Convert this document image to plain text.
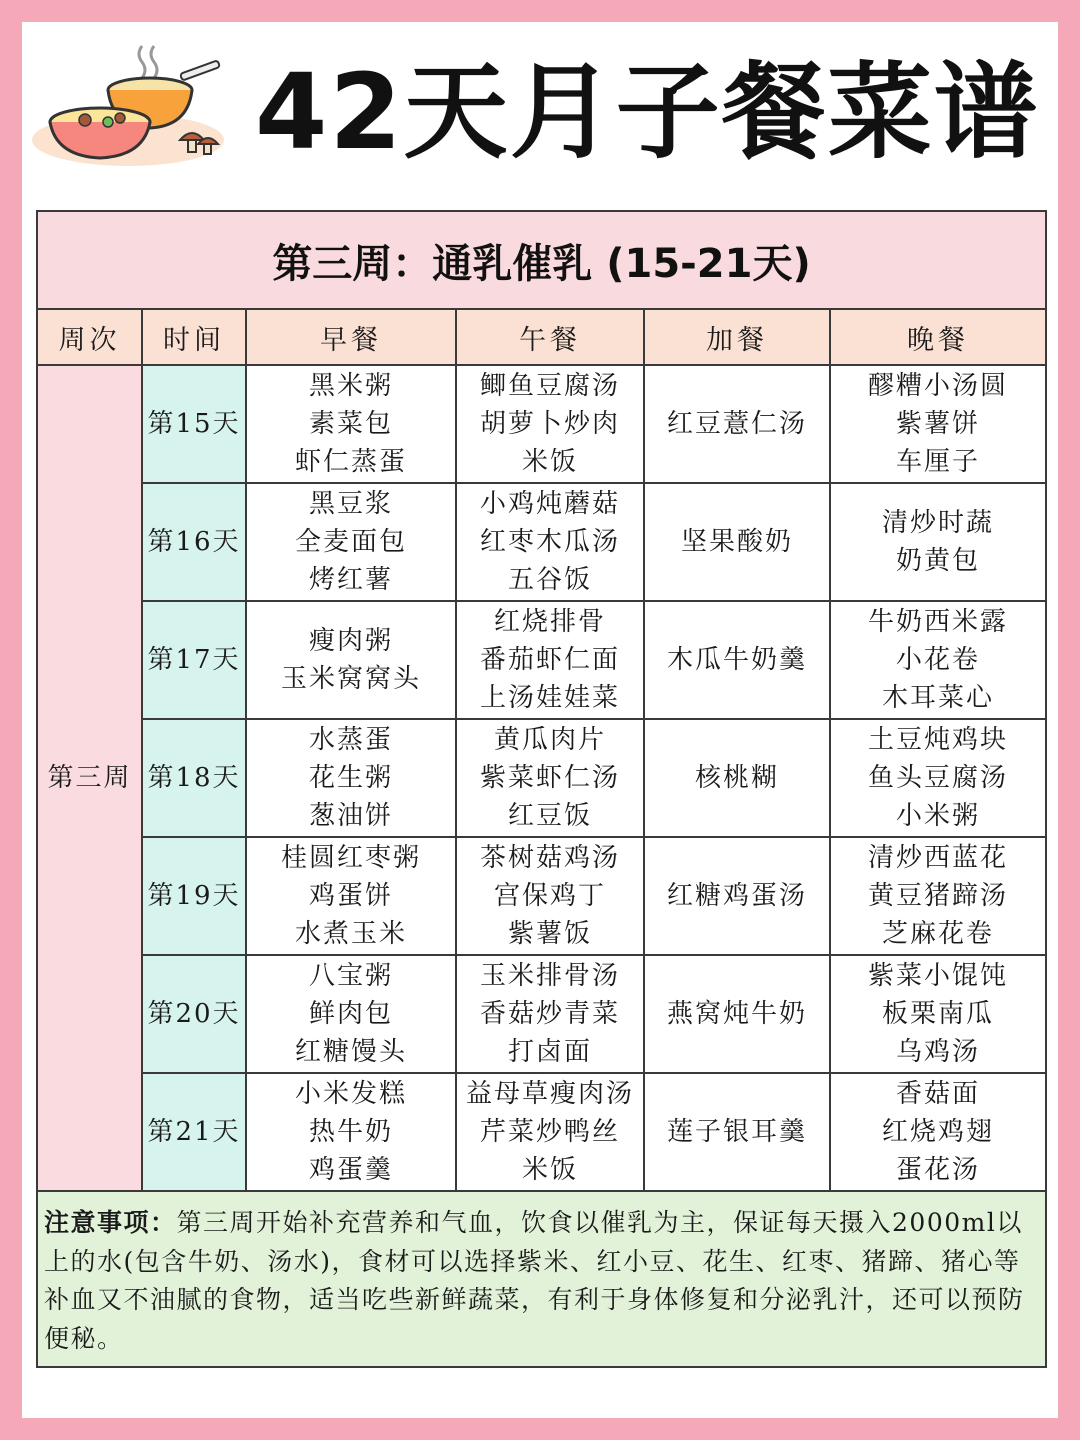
42天月子餐菜谱
第三周：通乳催乳 (15-21天)					
周次	时间	早餐	午餐	加餐	晚餐
第三周	第15天	黑米粥
素菜包
虾仁蒸蛋	鲫鱼豆腐汤
胡萝卜炒肉
米饭	红豆薏仁汤	醪糟小汤圆
紫薯饼
车厘子

	第16天	黑豆浆
全麦面包
烤红薯	小鸡炖蘑菇
红枣木瓜汤
五谷饭	坚果酸奶	清炒时蔬
奶黄包

	第17天	瘦肉粥
玉米窝窝头	红烧排骨
番茄虾仁面
上汤娃娃菜	木瓜牛奶羹	牛奶西米露
小花卷
木耳菜心

	第18天	水蒸蛋
花生粥
葱油饼	黄瓜肉片
紫菜虾仁汤
红豆饭	核桃糊	土豆炖鸡块
鱼头豆腐汤
小米粥

	第19天	桂圆红枣粥
鸡蛋饼
水煮玉米	茶树菇鸡汤
宫保鸡丁
紫薯饭	红糖鸡蛋汤	清炒西蓝花
黄豆猪蹄汤
芝麻花卷

	第20天	八宝粥
鲜肉包
红糖馒头	玉米排骨汤
香菇炒青菜
打卤面	燕窝炖牛奶	紫菜小馄饨
板栗南瓜
乌鸡汤

	第21天	小米发糕
热牛奶
鸡蛋羹	益母草瘦肉汤
芹菜炒鸭丝
米饭	莲子银耳羹	香菇面
红烧鸡翅
蛋花汤

注意事项：第三周开始补充营养和气血，饮食以催乳为主，保证每天摄入2000ml以上的水(包含牛奶、汤水)，食材可以选择紫米、红小豆、花生、红枣、猪蹄、猪心等补血又不油腻的食物，适当吃些新鲜蔬菜，有利于身体修复和分泌乳汁，还可以预防便秘。					
